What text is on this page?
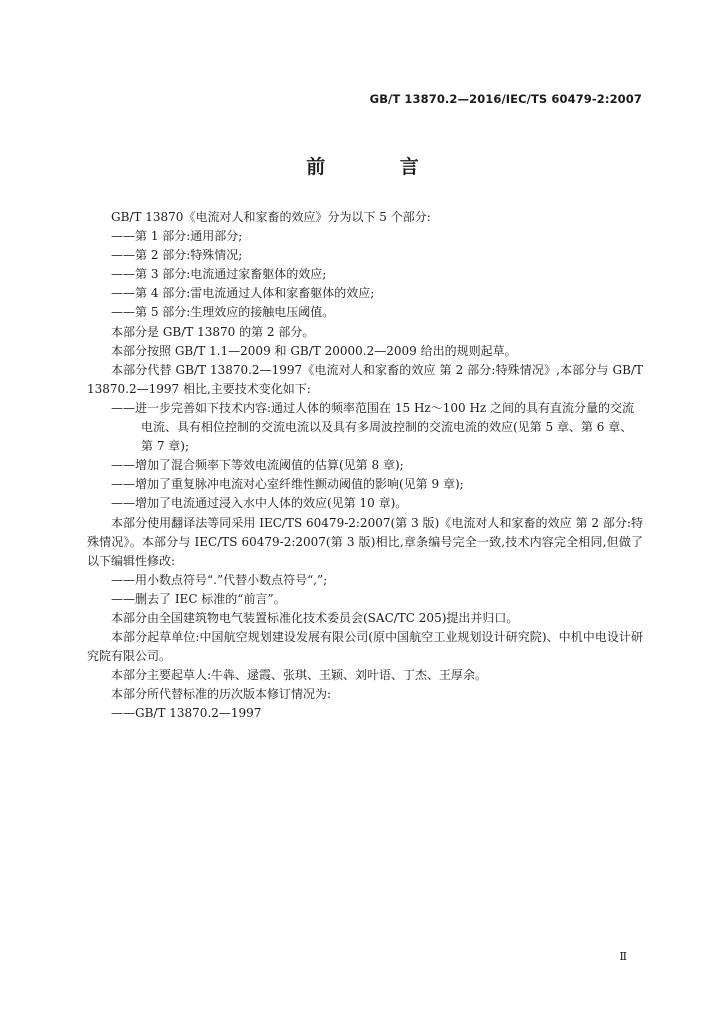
GB/T 13870.2—2016/IEC/TS 60479-2:2007
前 言

GB/T 13870《电流对人和家畜的效应》分为以下 5 个部分:

——第 1 部分:通用部分;

——第 2 部分:特殊情况;

——第 3 部分:电流通过家畜躯体的效应;

——第 4 部分:雷电流通过人体和家畜躯体的效应;

——第 5 部分:生理效应的接触电压阈值。

本部分是 GB/T 13870 的第 2 部分。

本部分按照 GB/T 1.1—2009 和 GB/T 20000.2—2009 给出的规则起草。

本部分代替 GB/T 13870.2—1997《电流对人和家畜的效应 第 2 部分:特殊情况》,本部分与 GB/T 13870.2—1997 相比,主要技术变化如下:

——进一步完善如下技术内容:通过人体的频率范围在 15 Hz～100 Hz 之间的具有直流分量的交流电流、具有相位控制的交流电流以及具有多周波控制的交流电流的效应(见第 5 章、第 6 章、第 7 章);

——增加了混合频率下等效电流阈值的估算(见第 8 章);

——增加了重复脉冲电流对心室纤维性颤动阈值的影响(见第 9 章);

——增加了电流通过浸入水中人体的效应(见第 10 章)。

本部分使用翻译法等同采用 IEC/TS 60479-2:2007(第 3 版)《电流对人和家畜的效应 第 2 部分:特殊情况》。本部分与 IEC/TS 60479-2:2007(第 3 版)相比,章条编号完全一致,技术内容完全相同,但做了以下编辑性修改:

——用小数点符号“.”代替小数点符号“,”;

——删去了 IEC 标准的“前言”。

本部分由全国建筑物电气装置标准化技术委员会(SAC/TC 205)提出并归口。

本部分起草单位:中国航空规划建设发展有限公司(原中国航空工业规划设计研究院)、中机中电设计研究院有限公司。

本部分主要起草人:牛犇、逯霞、张琪、王颖、刘叶语、丁杰、王厚余。

本部分所代替标准的历次版本修订情况为:

——GB/T 13870.2—1997

Ⅱ
